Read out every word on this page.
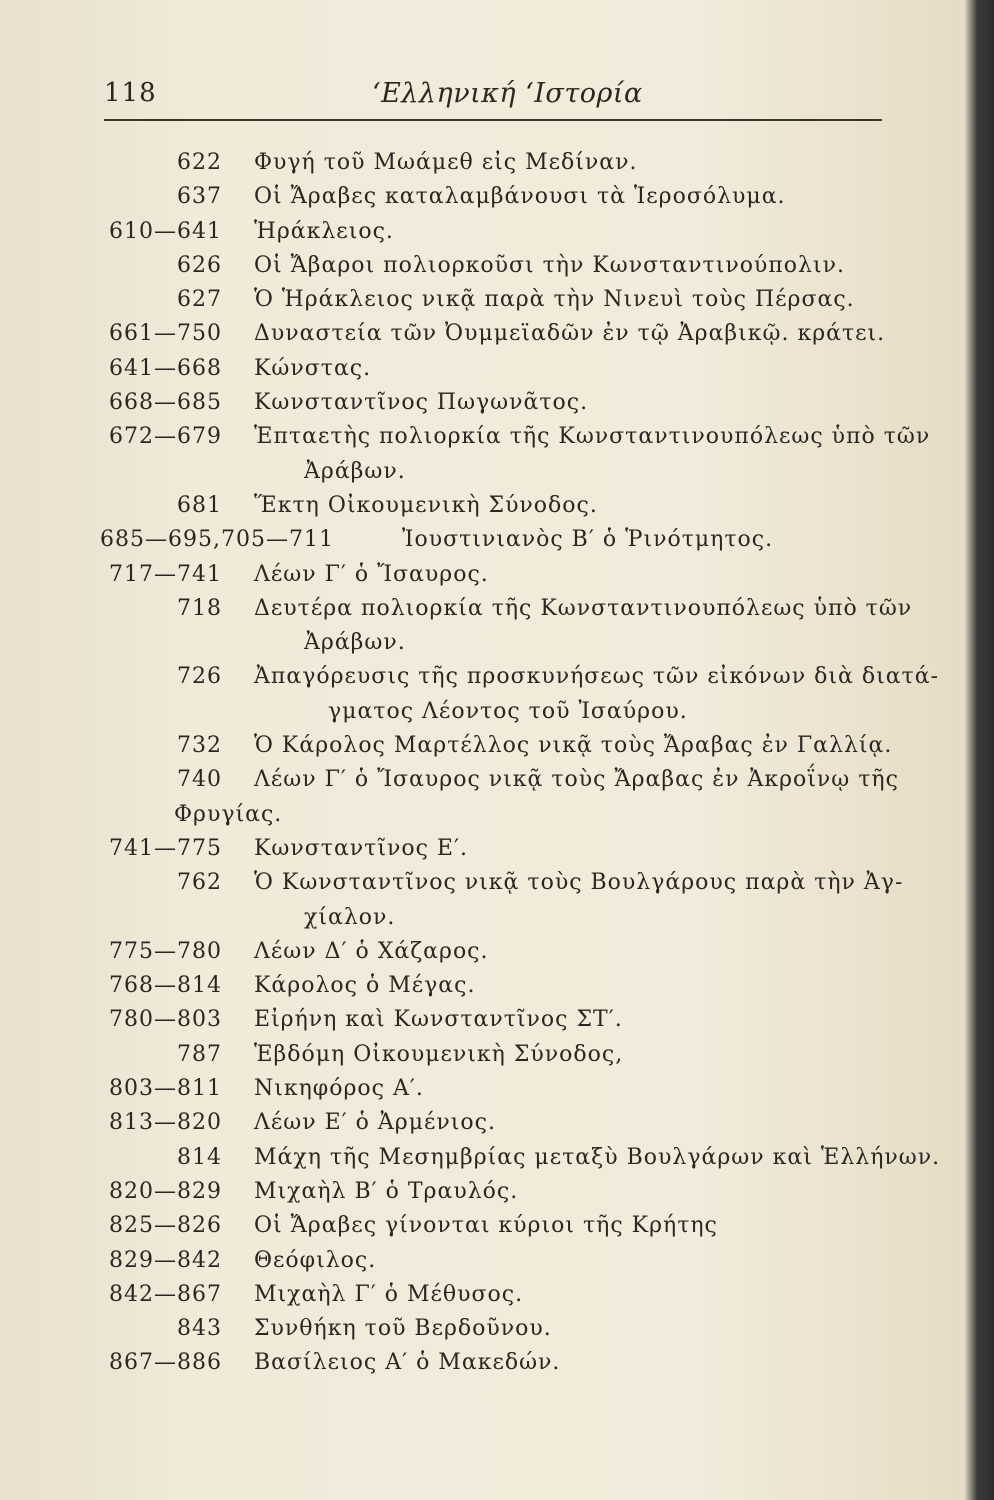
118	‘Ελληνική ‘Ιστορία
622 Φυγή τοῦ Μωάμεθ εἰς Μεδίναν.
637 Οἱ Ἄραβες καταλαμβάνουσι τὰ Ἱεροσόλυμα.
610—641 Ἡράκλειος.
626 Οἱ Ἄβαροι πολιορκοῦσι τὴν Κωνσταντινούπολιν.
627 Ὁ Ἡράκλειος νικᾷ παρὰ τὴν Νινευὶ τοὺς Πέρσας.
661—750 Δυναστεία τῶν Ὀυμμεϊαδῶν ἐν τῷ Ἀραβικῷ. κράτει.
641—668 Κώνστας.
668—685 Κωνσταντῖνος Πωγωνᾶτος.
672—679 Ἑπταετὴς πολιορκία τῆς Κωνσταντινουπόλεως ὑπὸ τῶν
Ἀράβων.
681 Ἕκτη Οἰκουμενικὴ Σύνοδος.
685—695,705—711	Ἰουστινιανὸς Β′ ὁ Ῥινότμητος.
717—741 Λέων Γ′ ὁ Ἴσαυρος.
718 Δευτέρα πολιορκία τῆς Κωνσταντινουπόλεως ὑπὸ τῶν
Ἀράβων.
726 Ἀπαγόρευσις τῆς προσκυνήσεως τῶν εἰκόνων διὰ διατά-
γματος Λέοντος τοῦ Ἰσαύρου.
732 Ὁ Κάρολος Μαρτέλλος νικᾷ τοὺς Ἄραβας ἐν Γαλλίᾳ.
740 Λέων Γ′ ὁ Ἴσαυρος νικᾷ τοὺς Ἄραβας ἐν Ἀκροΐνῳ τῆς
Φρυγίας.
741—775 Κωνσταντῖνος Ε′.
762 Ὁ Κωνσταντῖνος νικᾷ τοὺς Βουλγάρους παρὰ τὴν Ἀγ-
χίαλον.
775—780 Λέων Δ′ ὁ Χάζαρος.
768—814 Κάρολος ὁ Μέγας.
780—803 Εἰρήνη καὶ Κωνσταντῖνος ΣΤ′.
787 Ἑβδόμη Οἰκουμενικὴ Σύνοδος,
803—811 Νικηφόρος Α′.
813—820 Λέων Ε′ ὁ Ἀρμένιος.
814 Μάχη τῆς Μεσημβρίας μεταξὺ Βουλγάρων καὶ Ἑλλήνων.
820—829 Μιχαὴλ Β′ ὁ Τραυλός.
825—826 Οἱ Ἄραβες γίνονται κύριοι τῆς Κρήτης
829—842 Θεόφιλος.
842—867 Μιχαὴλ Γ′ ὁ Μέθυσος.
843 Συνθήκη τοῦ Βερδοῦνου.
867—886 Βασίλειος Α′ ὁ Μακεδών.
